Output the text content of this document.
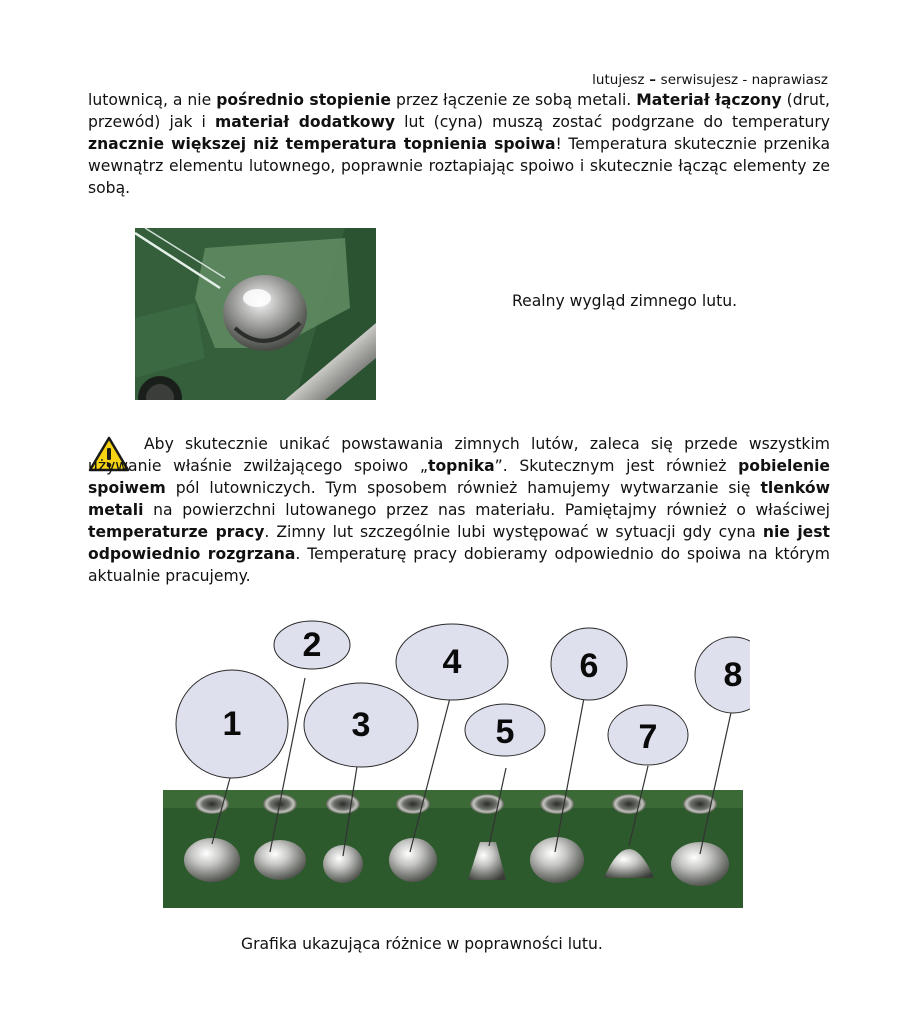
lutujesz – serwisujesz - naprawiasz
lutownicą, a nie pośrednio stopienie przez łączenie ze sobą metali. Materiał łączony (drut, przewód) jak i materiał dodatkowy lut (cyna) muszą zostać podgrzane do temperatury znacznie większej niż temperatura topnienia spoiwa! Temperatura skutecznie przenika wewnątrz elementu lutownego, poprawnie roztapiając spoiwo i skutecznie łącząc elementy ze sobą.
Realny wygląd zimnego lutu.
Aby skutecznie unikać powstawania zimnych lutów, zaleca się przede wszystkim używanie właśnie zwilżającego spoiwo „topnika”. Skutecznym jest również pobielenie spoiwem pól lutowniczych. Tym sposobem również hamujemy wytwarzanie się tlenków metali na powierzchni lutowanego przez nas materiału. Pamiętajmy również o właściwej temperaturze pracy. Zimny lut szczególnie lubi występować w sytuacji gdy cyna nie jest odpowiednio rozgrzana. Temperaturę pracy dobieramy odpowiednio do spoiwa na którym aktualnie pracujemy.
1
2
3
4
5
6
7
8
Grafika ukazująca różnice w poprawności lutu.
